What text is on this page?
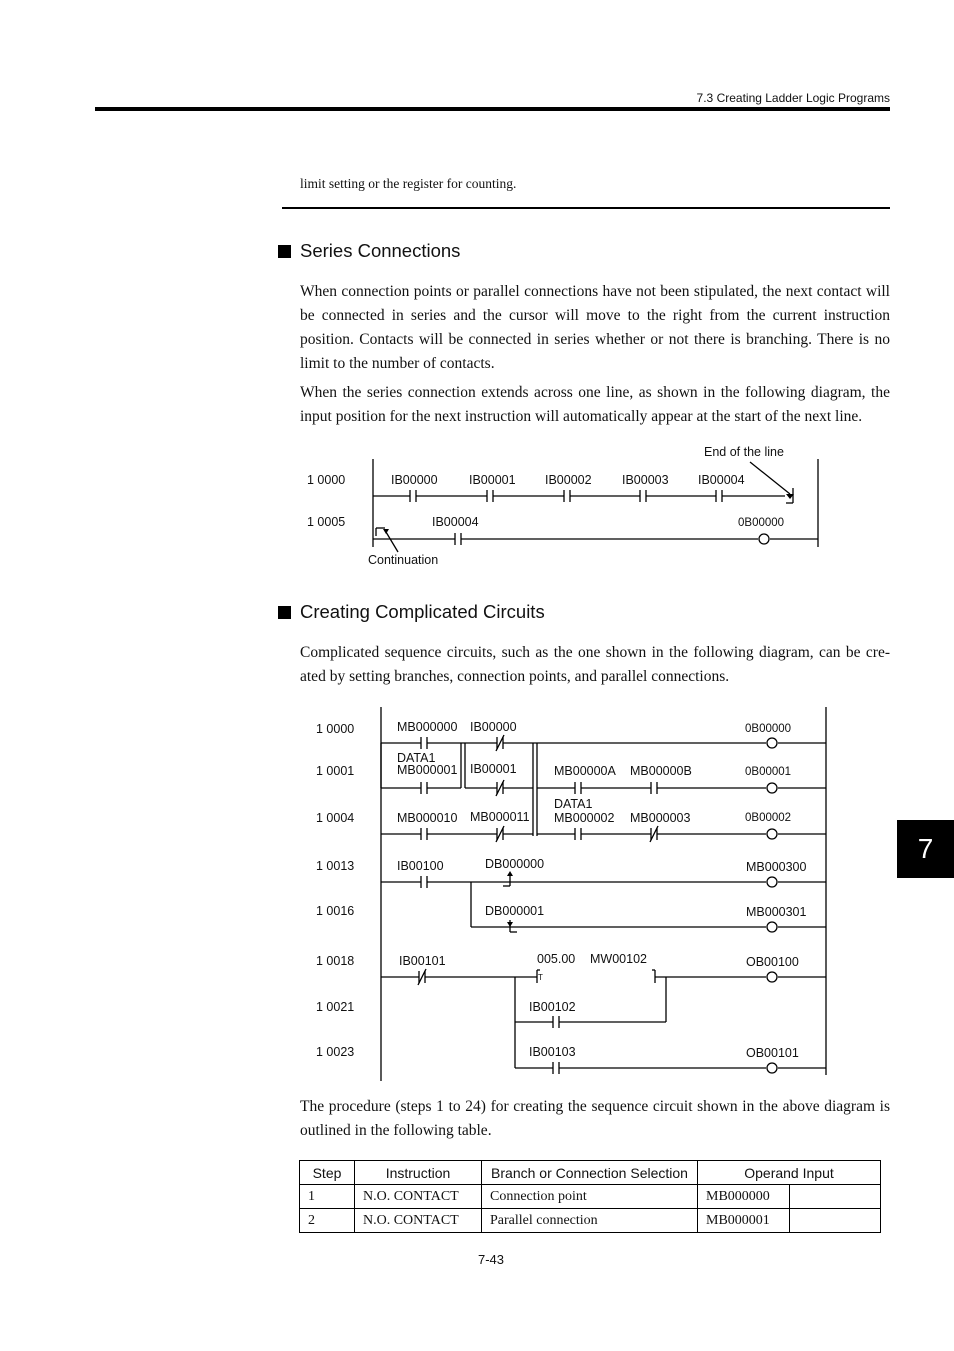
7.3 Creating Ladder Logic Programs
limit setting or the register for counting.
Series Connections
When connection points or parallel connections have not been stipulated, the next contact will be connected in series and the cursor will move to the right from the current instruction position. Contacts will be connected in series whether or not there is branching. There is no limit to the number of contacts.
When the series connection extends across one line, as shown in the following diagram, the input position for the next instruction will automatically appear at the start of the next line.
End of the line
Continuation
1 0000
1 0005
IB00000	IB00001 IB00002 IB00003 IB00004
IB00004	0B00000
Creating Complicated Circuits
Complicated sequence circuits, such as the one shown in the following diagram, can be cre-ated by setting branches, connection points, and parallel connections.
1 0000
1 0001
1 0004
1 0013
1 0016
1 0018
1 0021
1 0023
MB000000 IB00000	0B00000
DATA1
MB000001 IB00001	MB00000A MB00000B	0B00001
DATA1
MB000010 MB000011 MB000002 MB000003	0B00002
IB00100	DB000000	MB000300
DB000001	MB000301
IB00101	005.00 MW00102
T
OB00100
IB00102
IB00103	OB00101
The procedure (steps 1 to 24) for creating the sequence circuit shown in the above diagram is outlined in the following table.
Step	Instruction	Branch or Connection Selection	Operand Input	
1	N.O. CONTACT	Connection point	MB000000	
2	N.O. CONTACT	Parallel connection	MB000001	
7-43
7
